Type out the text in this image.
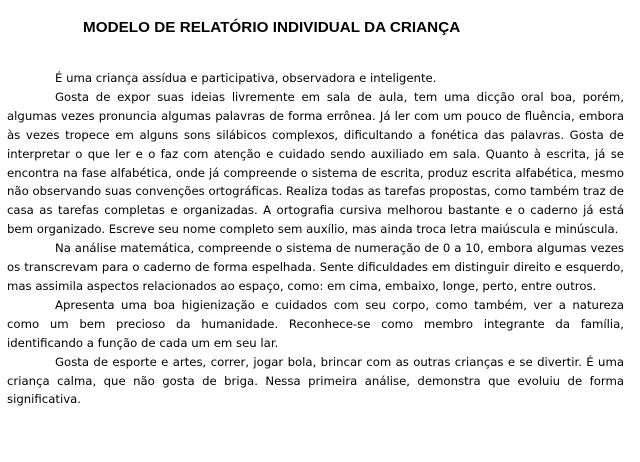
MODELO DE RELATÓRIO INDIVIDUAL DA CRIANÇA

É uma criança assídua e participativa, observadora e inteligente.

Gosta de expor suas ideias livremente em sala de aula, tem uma dicção oral boa, porém, algumas vezes pronuncia algumas palavras de forma errônea. Já ler com um pouco de fluência, embora às vezes tropece em alguns sons silábicos complexos, dificultando a fonética das palavras. Gosta de interpretar o que ler e o faz com atenção e cuidado sendo auxiliado em sala. Quanto à escrita, já se encontra na fase alfabética, onde já compreende o sistema de escrita, produz escrita alfabética, mesmo não observando suas convenções ortográficas. Realiza todas as tarefas propostas, como também traz de casa as tarefas completas e organizadas. A ortografia cursiva melhorou bastante e o caderno já está bem organizado. Escreve seu nome completo sem auxílio, mas ainda troca letra maiúscula e minúscula.

Na análise matemática, compreende o sistema de numeração de 0 a 10, embora algumas vezes os transcrevam para o caderno de forma espelhada. Sente dificuldades em distinguir direito e esquerdo, mas assimila aspectos relacionados ao espaço, como: em cima, embaixo, longe, perto, entre outros.

Apresenta uma boa higienização e cuidados com seu corpo, como também, ver a natureza como um bem precioso da humanidade. Reconhece-se como membro integrante da família, identificando a função de cada um em seu lar.

Gosta de esporte e artes, correr, jogar bola, brincar com as outras crianças e se divertir. É uma criança calma, que não gosta de briga. Nessa primeira análise, demonstra que evoluiu de forma significativa.
